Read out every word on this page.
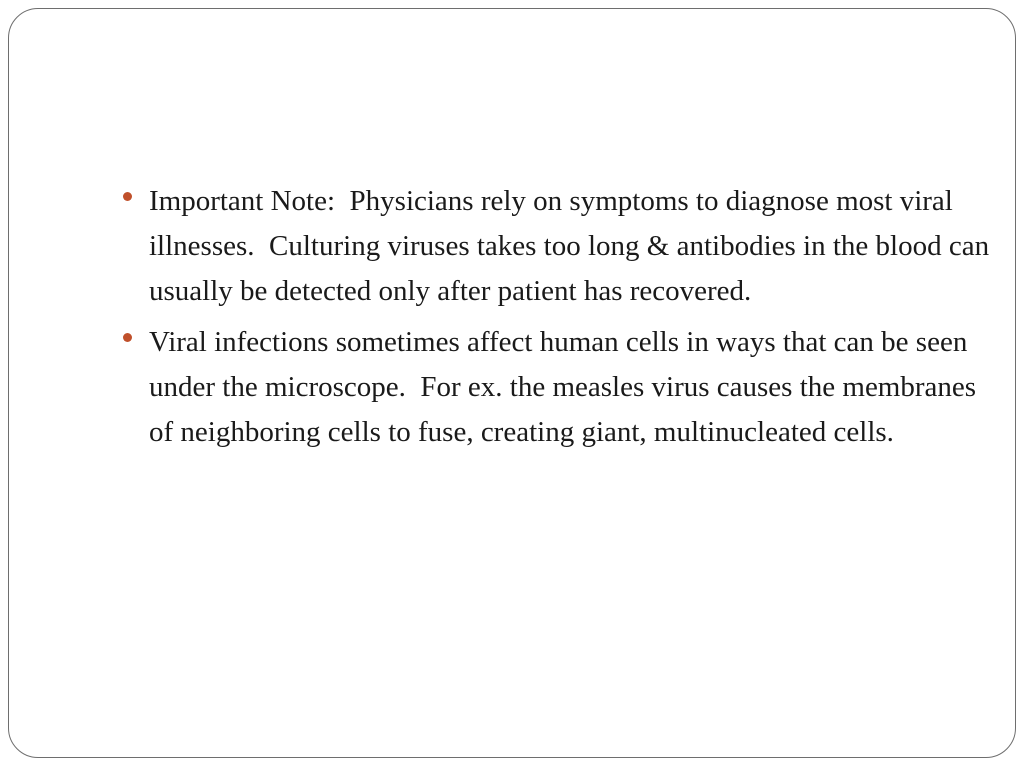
Important Note:  Physicians rely on symptoms to diagnose most viral illnesses.  Culturing viruses takes too long & antibodies in the blood can usually be detected only after patient has recovered.
Viral infections sometimes affect human cells in ways that can be seen under the microscope.  For ex. the measles virus causes the membranes of neighboring cells to fuse, creating giant, multinucleated cells.
